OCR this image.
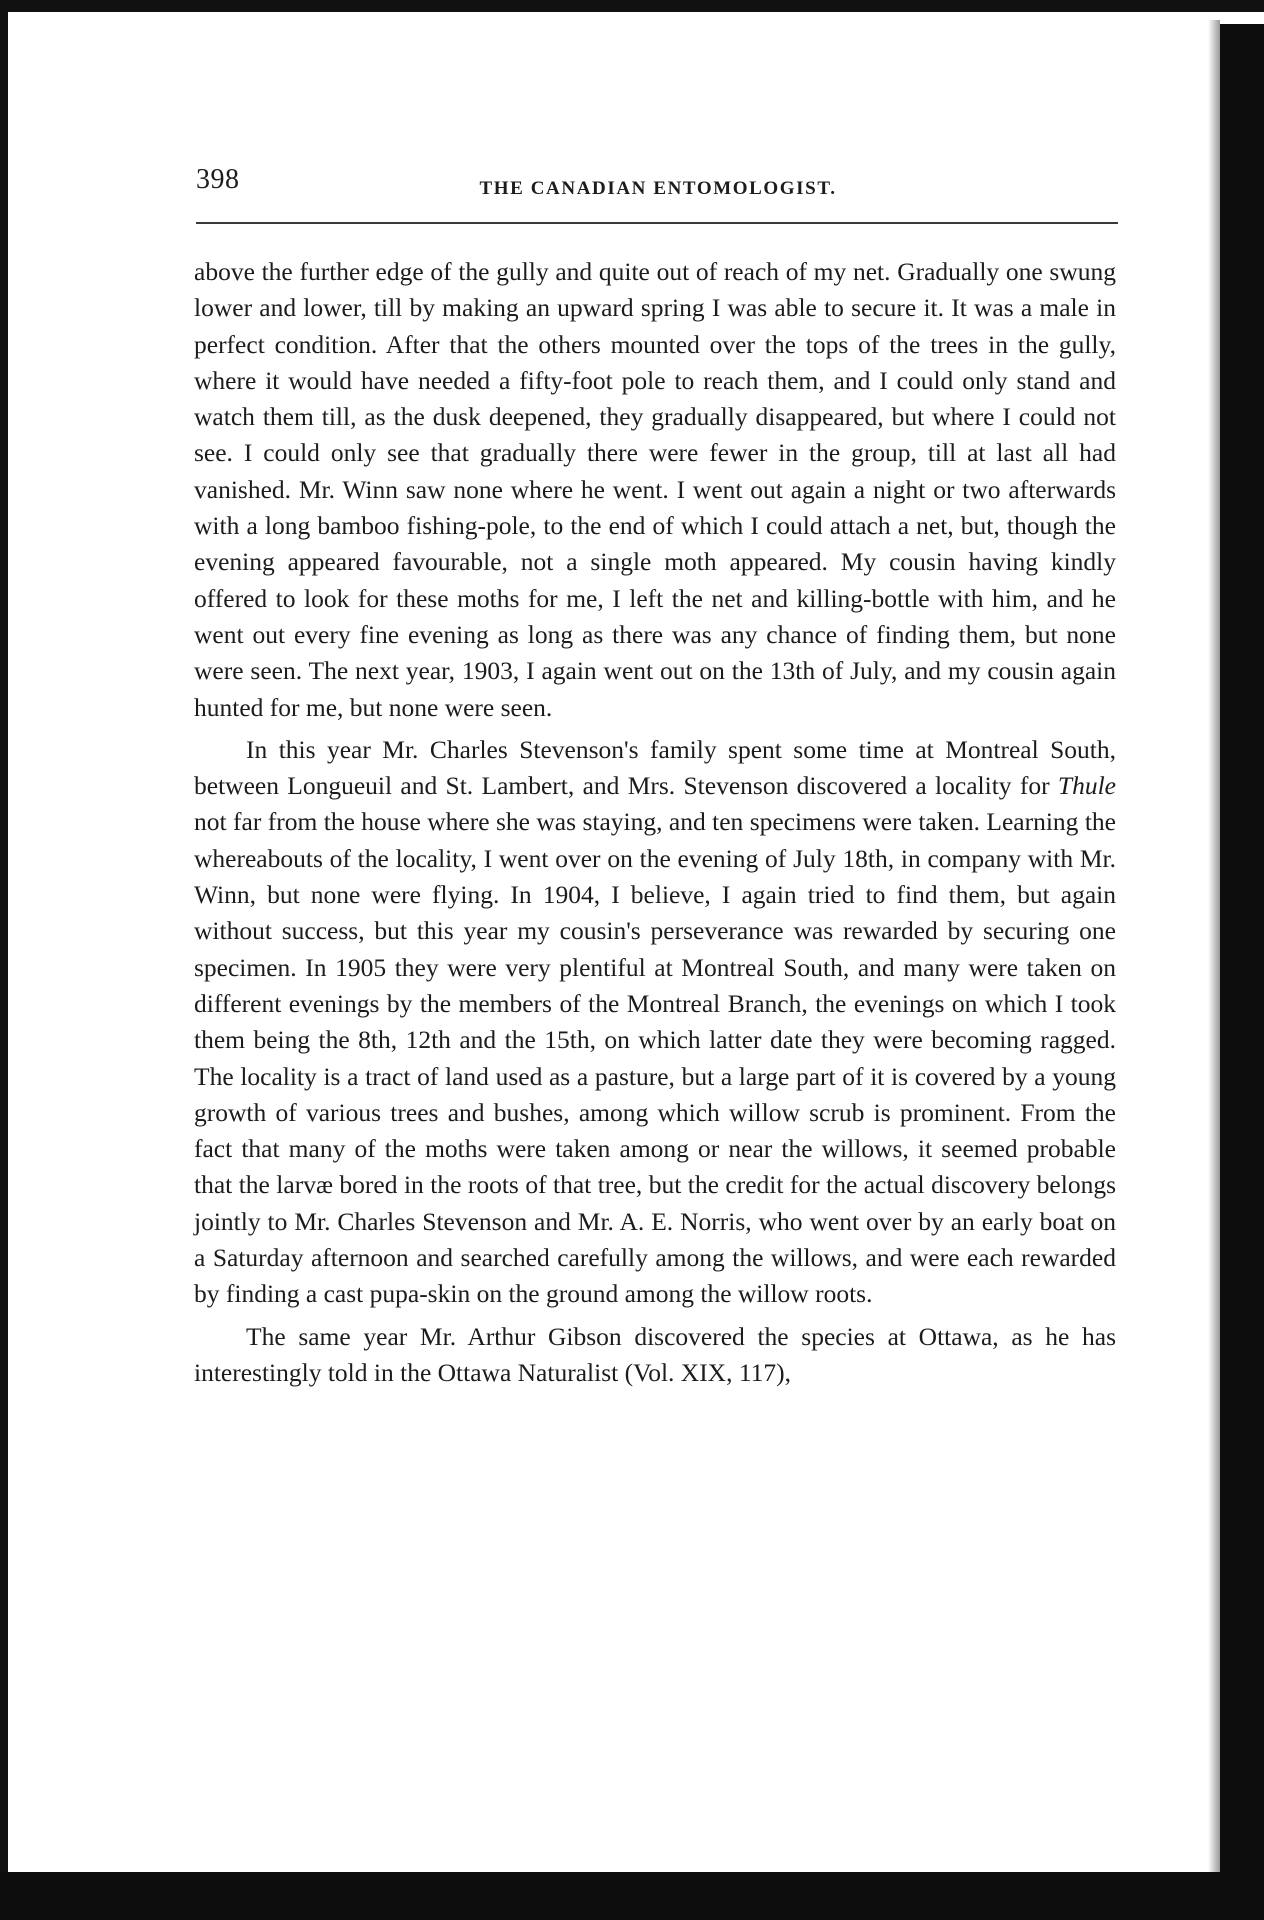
398	THE CANADIAN ENTOMOLOGIST.

above the further edge of the gully and quite out of reach of my net. Gradually one swung lower and lower, till by making an upward spring I was able to secure it. It was a male in perfect condition. After that the others mounted over the tops of the trees in the gully, where it would have needed a fifty-foot pole to reach them, and I could only stand and watch them till, as the dusk deepened, they gradually disappeared, but where I could not see. I could only see that gradually there were fewer in the group, till at last all had vanished. Mr. Winn saw none where he went. I went out again a night or two afterwards with a long bamboo fishing-pole, to the end of which I could attach a net, but, though the evening appeared favourable, not a single moth appeared. My cousin having kindly offered to look for these moths for me, I left the net and killing-bottle with him, and he went out every fine evening as long as there was any chance of finding them, but none were seen. The next year, 1903, I again went out on the 13th of July, and my cousin again hunted for me, but none were seen.

In this year Mr. Charles Stevenson's family spent some time at Montreal South, between Longueuil and St. Lambert, and Mrs. Stevenson discovered a locality for Thule not far from the house where she was staying, and ten specimens were taken. Learning the whereabouts of the locality, I went over on the evening of July 18th, in company with Mr. Winn, but none were flying. In 1904, I believe, I again tried to find them, but again without success, but this year my cousin's perseverance was rewarded by securing one specimen. In 1905 they were very plentiful at Montreal South, and many were taken on different evenings by the members of the Montreal Branch, the evenings on which I took them being the 8th, 12th and the 15th, on which latter date they were becoming ragged. The locality is a tract of land used as a pasture, but a large part of it is covered by a young growth of various trees and bushes, among which willow scrub is prominent. From the fact that many of the moths were taken among or near the willows, it seemed probable that the larvæ bored in the roots of that tree, but the credit for the actual discovery belongs jointly to Mr. Charles Stevenson and Mr. A. E. Norris, who went over by an early boat on a Saturday afternoon and searched carefully among the willows, and were each rewarded by finding a cast pupa-skin on the ground among the willow roots.

The same year Mr. Arthur Gibson discovered the species at Ottawa, as he has interestingly told in the Ottawa Naturalist (Vol. XIX, 117),
